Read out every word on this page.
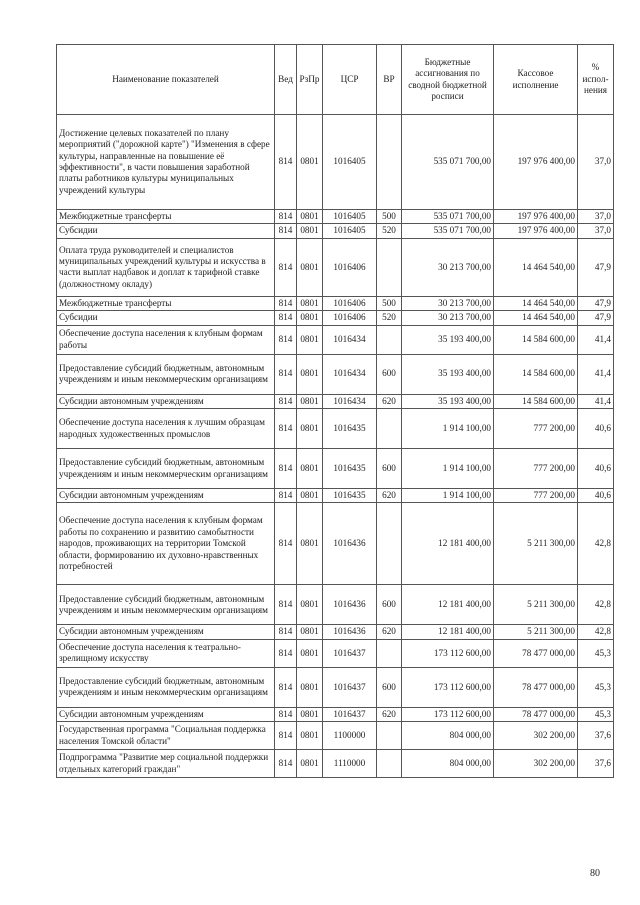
Наименование показателей	Вед	РзПр	ЦСР	ВР	Бюджетные ассигнования по сводной бюджетной росписи	Кассовое исполнение	% испол- нения
Достижение целевых показателей по плану мероприятий ("дорожной карте") "Изменения в сфере культуры, направленные на повышение её эффективности", в части повышения заработной платы работников культуры муниципальных учреждений культуры	814	0801	1016405		535 071 700,00	197 976 400,00	37,0
Межбюджетные трансферты	814	0801	1016405	500	535 071 700,00	197 976 400,00	37,0
Субсидии	814	0801	1016405	520	535 071 700,00	197 976 400,00	37,0
Оплата труда руководителей и специалистов муниципальных учреждений культуры и искусства в части выплат надбавок и доплат к тарифной ставке (должностному окладу)	814	0801	1016406		30 213 700,00	14 464 540,00	47,9
Межбюджетные трансферты	814	0801	1016406	500	30 213 700,00	14 464 540,00	47,9
Субсидии	814	0801	1016406	520	30 213 700,00	14 464 540,00	47,9
Обеспечение доступа населения к клубным формам работы	814	0801	1016434		35 193 400,00	14 584 600,00	41,4
Предоставление субсидий бюджетным, автономным учреждениям и иным некоммерческим организациям	814	0801	1016434	600	35 193 400,00	14 584 600,00	41,4
Субсидии автономным учреждениям	814	0801	1016434	620	35 193 400,00	14 584 600,00	41,4
Обеспечение доступа населения к лучшим образцам народных художественных промыслов	814	0801	1016435		1 914 100,00	777 200,00	40,6
Предоставление субсидий бюджетным, автономным учреждениям и иным некоммерческим организациям	814	0801	1016435	600	1 914 100,00	777 200,00	40,6
Субсидии автономным учреждениям	814	0801	1016435	620	1 914 100,00	777 200,00	40,6
Обеспечение доступа населения к клубным формам работы по сохранению и развитию самобытности народов, проживающих на территории Томской области, формированию их духовно-нравственных потребностей	814	0801	1016436		12 181 400,00	5 211 300,00	42,8
Предоставление субсидий бюджетным, автономным учреждениям и иным некоммерческим организациям	814	0801	1016436	600	12 181 400,00	5 211 300,00	42,8
Субсидии автономным учреждениям	814	0801	1016436	620	12 181 400,00	5 211 300,00	42,8
Обеспечение доступа населения к театрально-зрелищному искусству	814	0801	1016437		173 112 600,00	78 477 000,00	45,3
Предоставление субсидий бюджетным, автономным учреждениям и иным некоммерческим организациям	814	0801	1016437	600	173 112 600,00	78 477 000,00	45,3
Субсидии автономным учреждениям	814	0801	1016437	620	173 112 600,00	78 477 000,00	45,3
Государственная программа "Социальная поддержка населения Томской области"	814	0801	1100000		804 000,00	302 200,00	37,6
Подпрограмма "Развитие мер социальной поддержки отдельных категорий граждан"	814	0801	1110000		804 000,00	302 200,00	37,6
80
